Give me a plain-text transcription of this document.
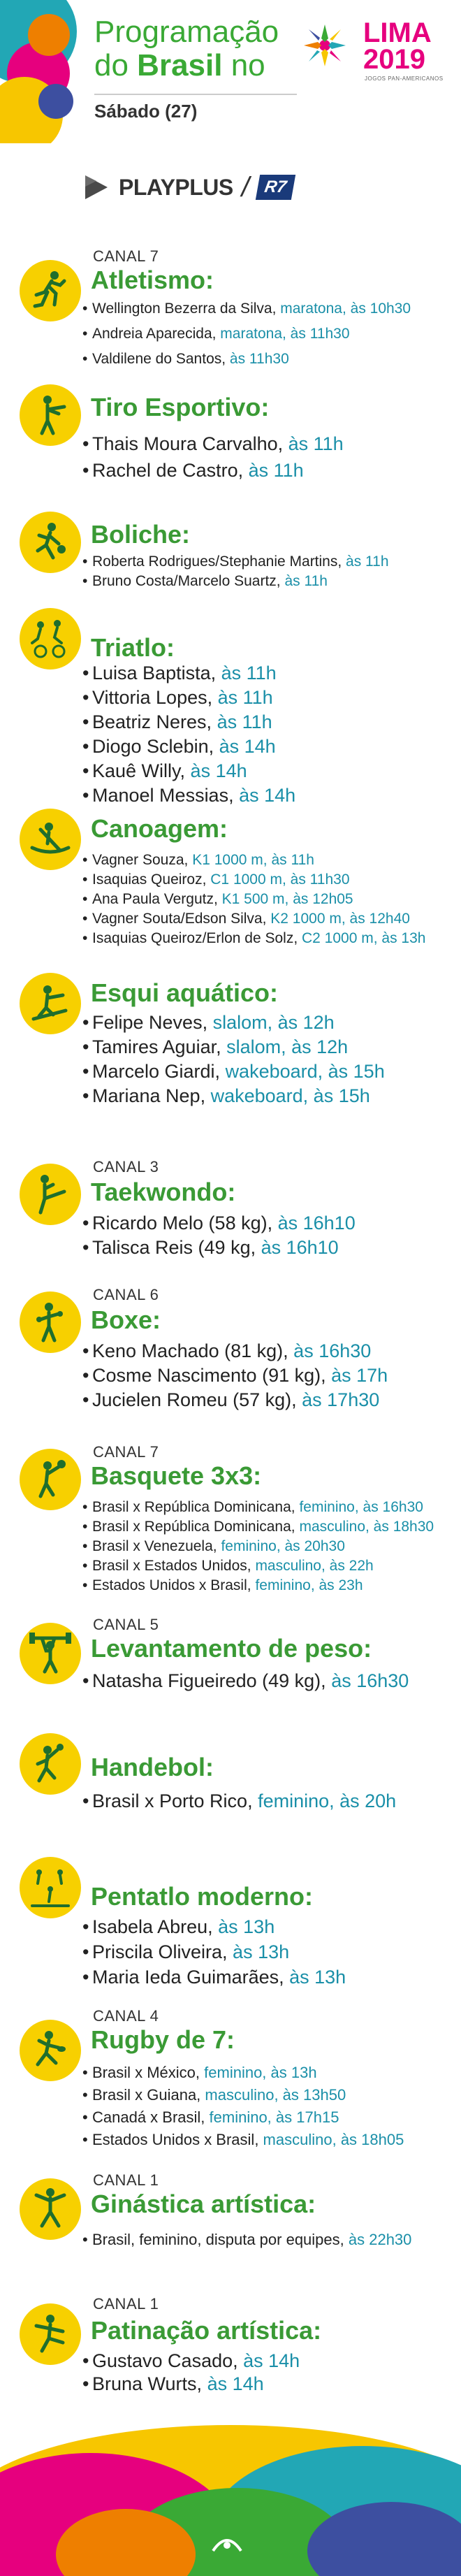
Programação
do Brasil no
Sábado (27)
LIMA
2019
JOGOS PAN-AMERICANOS
PLAYPLUS / R7
CANAL 7
Atletismo:
• Wellington Bezerra da Silva, maratona, às 10h30
• Andreia Aparecida, maratona, às 11h30
• Valdilene do Santos, às 11h30
Tiro Esportivo:
• Thais Moura Carvalho, às 11h
• Rachel de Castro, às 11h
Boliche:
• Roberta Rodrigues/Stephanie Martins, às 11h
• Bruno Costa/Marcelo Suartz, às 11h
Triatlo:
• Luisa Baptista, às 11h
• Vittoria Lopes, às 11h
• Beatriz Neres, às 11h
• Diogo Sclebin, às 14h
• Kauê Willy, às 14h
• Manoel Messias, às 14h
Canoagem:
• Vagner Souza, K1 1000 m, às 11h
• Isaquias Queiroz, C1 1000 m, às 11h30
• Ana Paula Vergutz, K1 500 m, às 12h05
• Vagner Souta/Edson Silva, K2 1000 m, às 12h40
• Isaquias Queiroz/Erlon de Solz, C2 1000 m, às 13h
Esqui aquático:
• Felipe Neves, slalom, às 12h
• Tamires Aguiar, slalom, às 12h
• Marcelo Giardi, wakeboard, às 15h
• Mariana Nep, wakeboard, às 15h
CANAL 3
Taekwondo:
• Ricardo Melo (58 kg), às 16h10
• Talisca Reis (49 kg, às 16h10
CANAL 6
Boxe:
• Keno Machado (81 kg), às 16h30
• Cosme Nascimento (91 kg), às 17h
• Jucielen Romeu (57 kg), às 17h30
CANAL 7
Basquete 3x3:
• Brasil x República Dominicana, feminino, às 16h30
• Brasil x República Dominicana, masculino, às 18h30
• Brasil x Venezuela, feminino, às 20h30
• Brasil x Estados Unidos, masculino, às 22h
• Estados Unidos x Brasil, feminino, às 23h
CANAL 5
Levantamento de peso:
• Natasha Figueiredo (49 kg), às 16h30
Handebol:
• Brasil x Porto Rico, feminino, às 20h
Pentatlo moderno:
• Isabela Abreu, às 13h
• Priscila Oliveira, às 13h
• Maria Ieda Guimarães, às 13h
CANAL 4
Rugby de 7:
• Brasil x México, feminino, às 13h
• Brasil x Guiana, masculino, às 13h50
• Canadá x Brasil, feminino, às 17h15
• Estados Unidos x Brasil, masculino, às 18h05
CANAL 1
Ginástica artística:
• Brasil, feminino, disputa por equipes, às 22h30
CANAL 1
Patinação artística:
• Gustavo Casado, às 14h
• Bruna Wurts, às 14h
